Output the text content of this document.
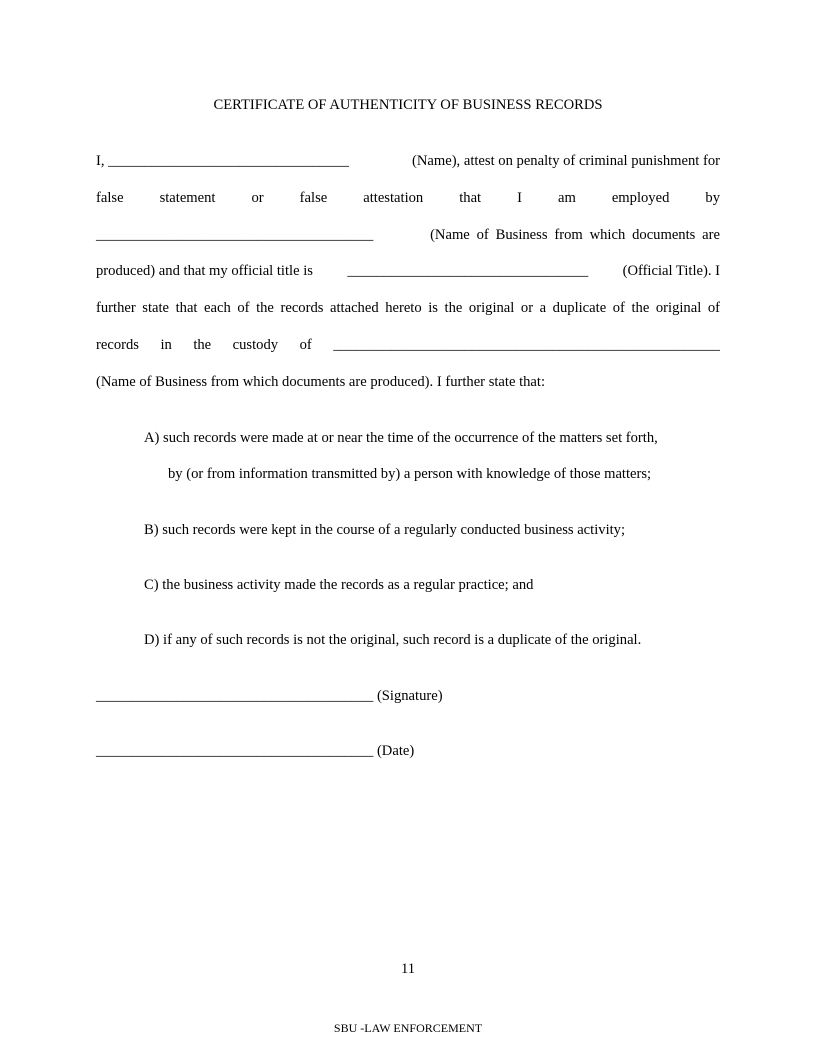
CERTIFICATE OF AUTHENTICITY OF BUSINESS RECORDS
I, _________________________________	(Name), attest on penalty of criminal punishment for
false statement or false attestation that I am employed by
______________________________________	(Name of Business from which documents are
produced) and that my official title is _________________________________ (Official Title). I
further state that each of the records attached hereto is the original or a duplicate of the original of
records in the custody of _____________________________________________________
(Name of Business from which documents are produced). I further state that:
A) such records were made at or near the time of the occurrence of the matters set forth,
by (or from information transmitted by) a person with knowledge of those matters;
B) such records were kept in the course of a regularly conducted business activity;
C) the business activity made the records as a regular practice; and
D) if any of such records is not the original, such record is a duplicate of the original.
______________________________________ (Signature)
______________________________________ (Date)
11
SBU -LAW ENFORCEMENT
